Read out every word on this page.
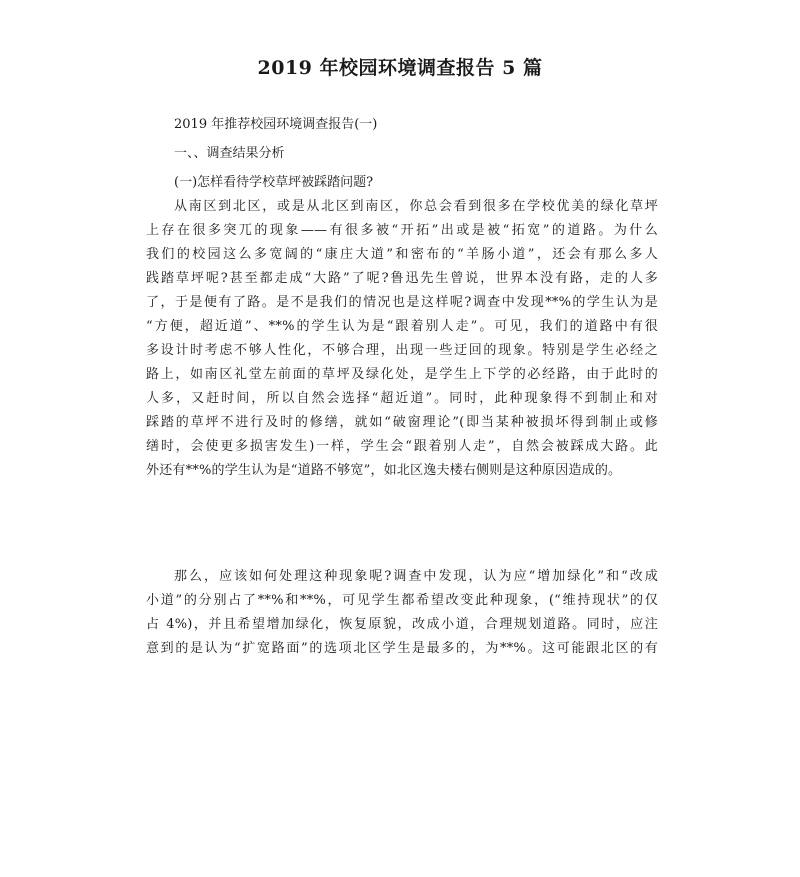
2019 年校园环境调查报告 5 篇
2019 年推荐校园环境调查报告(一)
一、、调查结果分析
(一)怎样看待学校草坪被踩踏问题?
从南区到北区，或是从北区到南区，你总会看到很多在学校优美的绿化草坪
上存在很多突兀的现象——有很多被“开拓”出或是被“拓宽”的道路。为什么
我们的校园这么多宽阔的“康庄大道”和密布的“羊肠小道”，还会有那么多人
践踏草坪呢?甚至都走成“大路”了呢?鲁迅先生曾说，世界本没有路，走的人多
了，于是便有了路。是不是我们的情况也是这样呢?调查中发现**%的学生认为是
“方便，超近道”、**%的学生认为是“跟着别人走”。可见，我们的道路中有很
多设计时考虑不够人性化，不够合理，出现一些迂回的现象。特别是学生必经之
路上，如南区礼堂左前面的草坪及绿化处，是学生上下学的必经路，由于此时的
人多，又赶时间，所以自然会选择“超近道”。同时，此种现象得不到制止和对
踩踏的草坪不进行及时的修缮，就如“破窗理论”(即当某种被损坏得到制止或修
缮时，会使更多损害发生)一样，学生会“跟着别人走”，自然会被踩成大路。此
外还有**%的学生认为是“道路不够宽”，如北区逸夫楼右侧则是这种原因造成的。
那么，应该如何处理这种现象呢?调查中发现，认为应“增加绿化”和“改成
小道”的分别占了**%和**%，可见学生都希望改变此种现象，(“维持现状”的仅
占 4%)，并且希望增加绿化，恢复原貌，改成小道，合理规划道路。同时，应注
意到的是认为“扩宽路面”的选项北区学生是最多的，为**%。这可能跟北区的有
